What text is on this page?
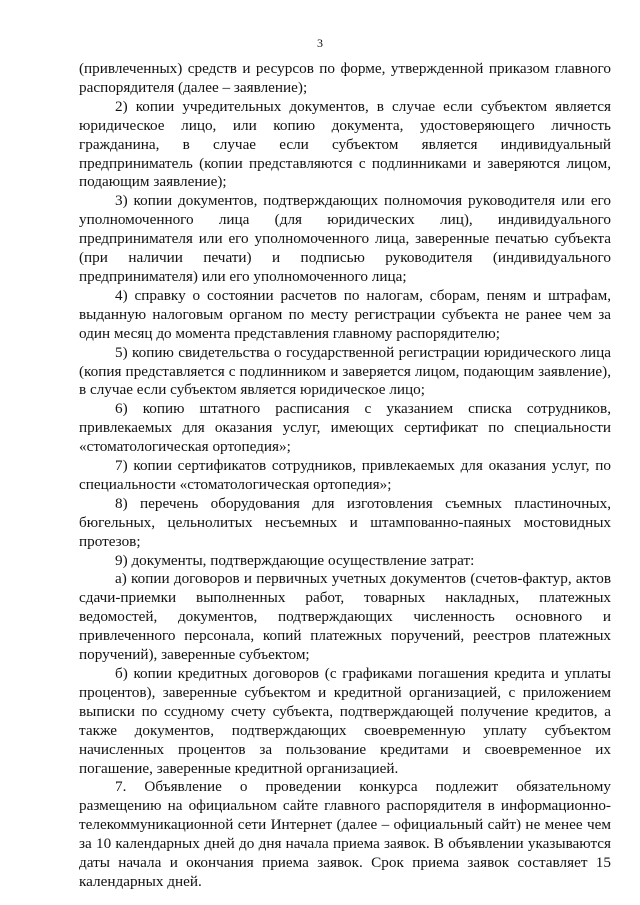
3

(привлеченных) средств и ресурсов по форме, утвержденной приказом главного распорядителя (далее – заявление);

2) копии учредительных документов, в случае если субъектом является юридическое лицо, или копию документа, удостоверяющего личность гражданина, в случае если субъектом является индивидуальный предприниматель (копии представляются с подлинниками и заверяются лицом, подающим заявление);

3) копии документов, подтверждающих полномочия руководителя или его уполномоченного лица (для юридических лиц), индивидуального предпринимателя или его уполномоченного лица, заверенные печатью субъекта (при наличии печати) и подписью руководителя (индивидуального предпринимателя) или его уполномоченного лица;

4) справку о состоянии расчетов по налогам, сборам, пеням и штрафам, выданную налоговым органом по месту регистрации субъекта не ранее чем за один месяц до момента представления главному распорядителю;

5) копию свидетельства о государственной регистрации юридического лица (копия представляется с подлинником и заверяется лицом, подающим заявление), в случае если субъектом является юридическое лицо;

6) копию штатного расписания с указанием списка сотрудников, привлекаемых для оказания услуг, имеющих сертификат по специальности «стоматологическая ортопедия»;

7) копии сертификатов сотрудников, привлекаемых для оказания услуг, по специальности «стоматологическая ортопедия»;

8) перечень оборудования для изготовления съемных пластиночных, бюгельных, цельнолитых несъемных и штампованно-паяных мостовидных протезов;

9) документы, подтверждающие осуществление затрат:

а) копии договоров и первичных учетных документов (счетов-фактур, актов сдачи-приемки выполненных работ, товарных накладных, платежных ведомостей, документов, подтверждающих численность основного и привлеченного персонала, копий платежных поручений, реестров платежных поручений), заверенные субъектом;

б) копии кредитных договоров (с графиками погашения кредита и уплаты процентов), заверенные субъектом и кредитной организацией, с приложением выписки по ссудному счету субъекта, подтверждающей получение кредитов, а также документов, подтверждающих своевременную уплату субъектом начисленных процентов за пользование кредитами и своевременное их погашение, заверенные кредитной организацией.

7. Объявление о проведении конкурса подлежит обязательному размещению на официальном сайте главного распорядителя в информационно-телекоммуникационной сети Интернет (далее – официальный сайт) не менее чем за 10 календарных дней до дня начала приема заявок. В объявлении указываются даты начала и окончания приема заявок. Срок приема заявок составляет 15 календарных дней.
